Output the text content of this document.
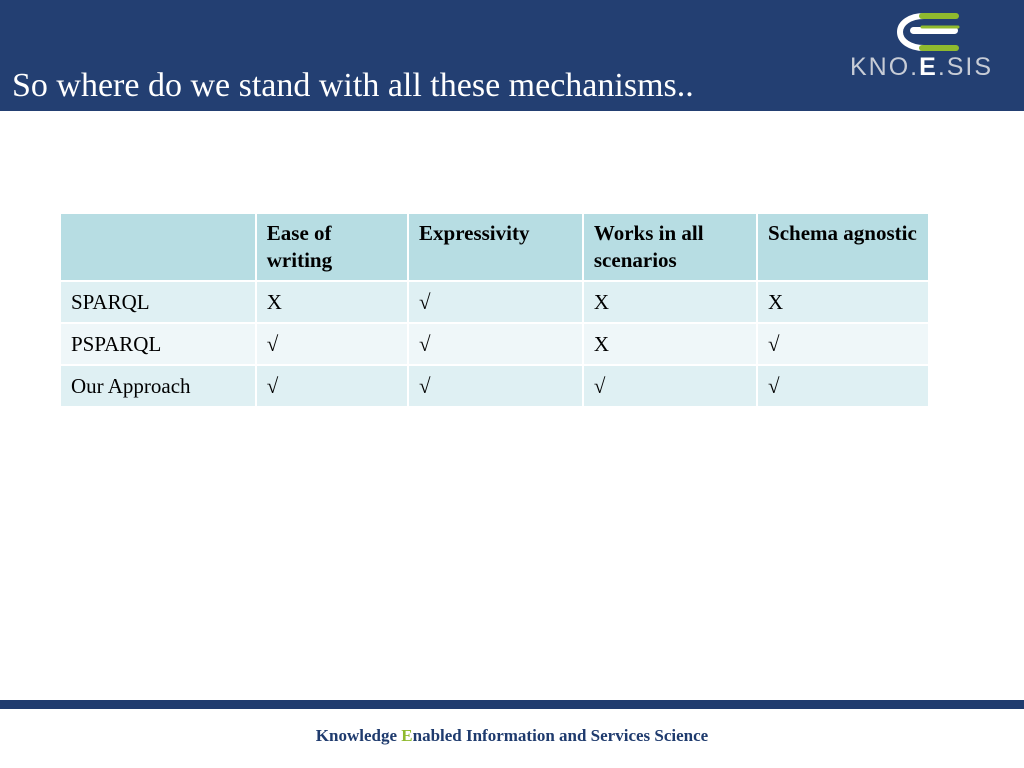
So where do we stand with all these mechanisms..	KNO.E.SIS
	Ease of writing	Expressivity	Works in all scenarios	Schema agnostic
SPARQL	X	√	X	X
PSPARQL	√	√	X	√
Our Approach	√	√	√	√
Knowledge Enabled Information and Services Science
